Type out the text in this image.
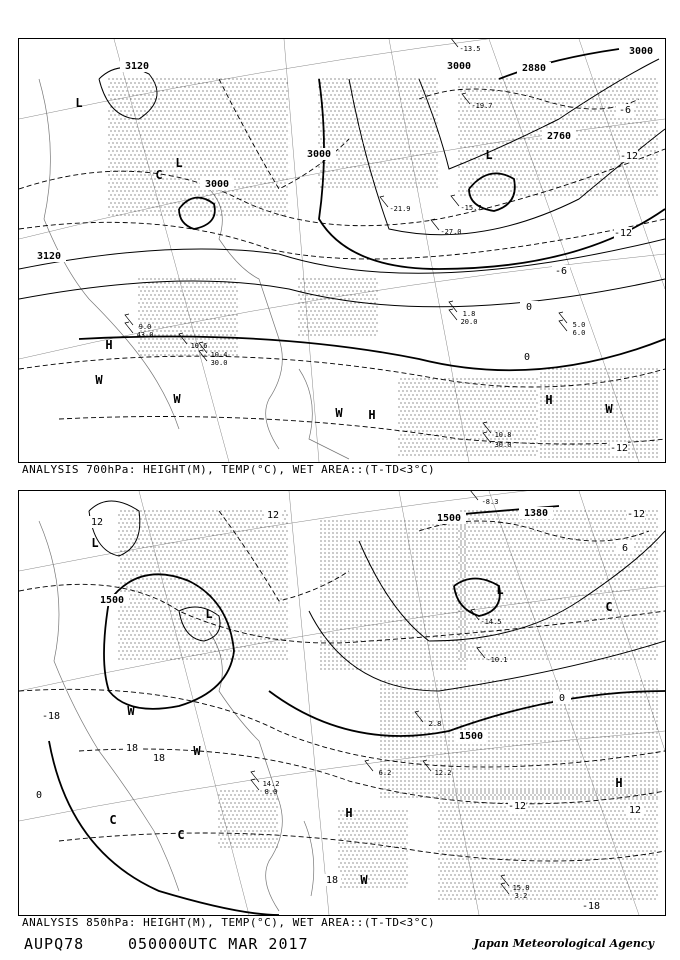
3120
3000
3000
3000
2880
2760
3120
3000
-6
-12
0
-12
-6
0
-12
L
L
L
H
H
H
W
W
W	W
C
10.8
30.0
9.0
43.0
1.8
20.0	5.0
6.0
10.4
30.0
-15.7
-27.0
-21.9
-19.7
-13.5
10.6
ANALYSIS 700hPa: HEIGHT(M), TEMP(°C), WET AREA::(T-TD<3°C)
1500
1500
1500	1380
12
12	-12
6
0
-12
18
18
-18
18
0
-18
12
L
L
L
H
H
C
C
C
W
W
W
15.8
3.2
14.2
8.0
2.8
12.2
6.2
-8.3
-14.5
-10.1
ANALYSIS 850hPa: HEIGHT(M), TEMP(°C), WET AREA::(T-TD<3°C)
AUPQ78	050000UTC MAR 2017	Japan Meteorological Agency
